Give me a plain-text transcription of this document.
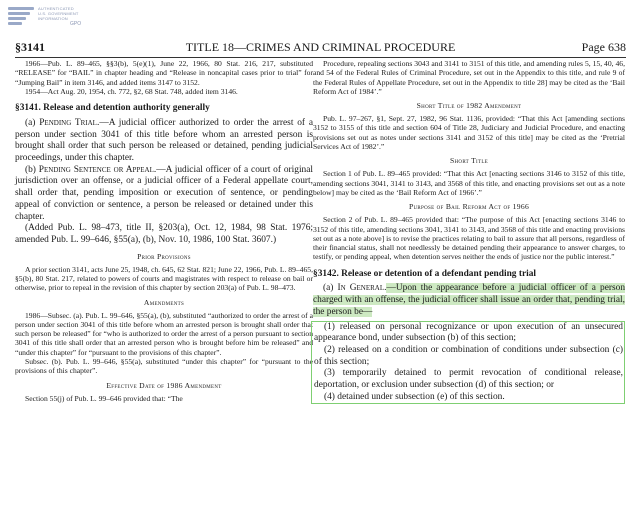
AUTHENTICATED
U.S. GOVERNMENT
INFORMATION
GPO
TITLE 18—CRIMES AND CRIMINAL PROCEDURE
§3141	Page 638

1966—Pub. L. 89–465, §§3(b), 5(e)(1), June 22, 1966, 80 Stat. 216, 217, substituted “RELEASE” for “BAIL” in chapter heading and “Release in noncapital cases prior to trial” for “Jumping Bail” in item 3146, and added items 3147 to 3152.

1954—Act Aug. 20, 1954, ch. 772, §2, 68 Stat. 748, added item 3146.

§3141. Release and detention authority generally

(a) Pending Trial.—A judicial officer authorized to order the arrest of a person under section 3041 of this title before whom an arrested person is brought shall order that such person be released or detained, pending judicial proceedings, under this chapter.

(b) Pending Sentence or Appeal.—A judicial officer of a court of original jurisdiction over an offense, or a judicial officer of a Federal appellate court, shall order that, pending imposition or execution of sentence, or pending appeal of conviction or sentence, a person be released or detained under this chapter.

(Added Pub. L. 98–473, title II, §203(a), Oct. 12, 1984, 98 Stat. 1976; amended Pub. L. 99–646, §55(a), (b), Nov. 10, 1986, 100 Stat. 3607.)

Prior Provisions

A prior section 3141, acts June 25, 1948, ch. 645, 62 Stat. 821; June 22, 1966, Pub. L. 89–465, §5(b), 80 Stat. 217, related to powers of courts and magistrates with respect to release on bail or otherwise, prior to repeal in the revision of this chapter by section 203(a) of Pub. L. 98–473.

Amendments

1986—Subsec. (a). Pub. L. 99–646, §55(a), (b), substituted “authorized to order the arrest of a person under section 3041 of this title before whom an arrested person is brought shall order that such person be released” for “who is authorized to order the arrest of a person pursuant to section 3041 of this title shall order that an arrested person who is brought before him be released” and “under this chapter” for “pursuant to the provisions of this chapter”.

Subsec. (b). Pub. L. 99–646, §55(a), substituted “under this chapter” for “pursuant to the provisions of this chapter”.

Effective Date of 1986 Amendment

Section 55(j) of Pub. L. 99–646 provided that: “The

Procedure, repealing sections 3043 and 3141 to 3151 of this title, and amending rules 5, 15, 40, 46, and 54 of the Federal Rules of Criminal Procedure, set out in the Appendix to this title, and rule 9 of the Federal Rules of Appellate Procedure, set out in the Appendix to title 28] may be cited as the ‘Bail Reform Act of 1984’.”

Short Title of 1982 Amendment

Pub. L. 97–267, §1, Sept. 27, 1982, 96 Stat. 1136, provided: “That this Act [amending sections 3152 to 3155 of this title and section 604 of Title 28, Judiciary and Judicial Procedure, and enacting provisions set out as notes under sections 3141 and 3152 of this title] may be cited as the ‘Pretrial Services Act of 1982’.”

Short Title

Section 1 of Pub. L. 89–465 provided: “That this Act [enacting sections 3146 to 3152 of this title, amending sections 3041, 3141 to 3143, and 3568 of this title, and enacting provisions set out as a note below] may be cited as the ‘Bail Reform Act of 1966’.”

Purpose of Bail Reform Act of 1966

Section 2 of Pub. L. 89–465 provided that: “The purpose of this Act [enacting sections 3146 to 3152 of this title, amending sections 3041, 3141 to 3143, and 3568 of this title and enacting provisions set out as a note above] is to revise the practices relating to bail to assure that all persons, regardless of their financial status, shall not needlessly be detained pending their appearance to answer charges, to testify, or pending appeal, when detention serves neither the ends of justice nor the public interest.”

§3142. Release or detention of a defendant pending trial

(a) In General.—Upon the appearance before a judicial officer of a person charged with an offense, the judicial officer shall issue an order that, pending trial, the person be—

(1) released on personal recognizance or upon execution of an unsecured appearance bond, under subsection (b) of this section;

(2) released on a condition or combination of conditions under subsection (c) of this section;

(3) temporarily detained to permit revocation of conditional release, deportation, or exclusion under subsection (d) of this section; or

(4) detained under subsection (e) of this section.
